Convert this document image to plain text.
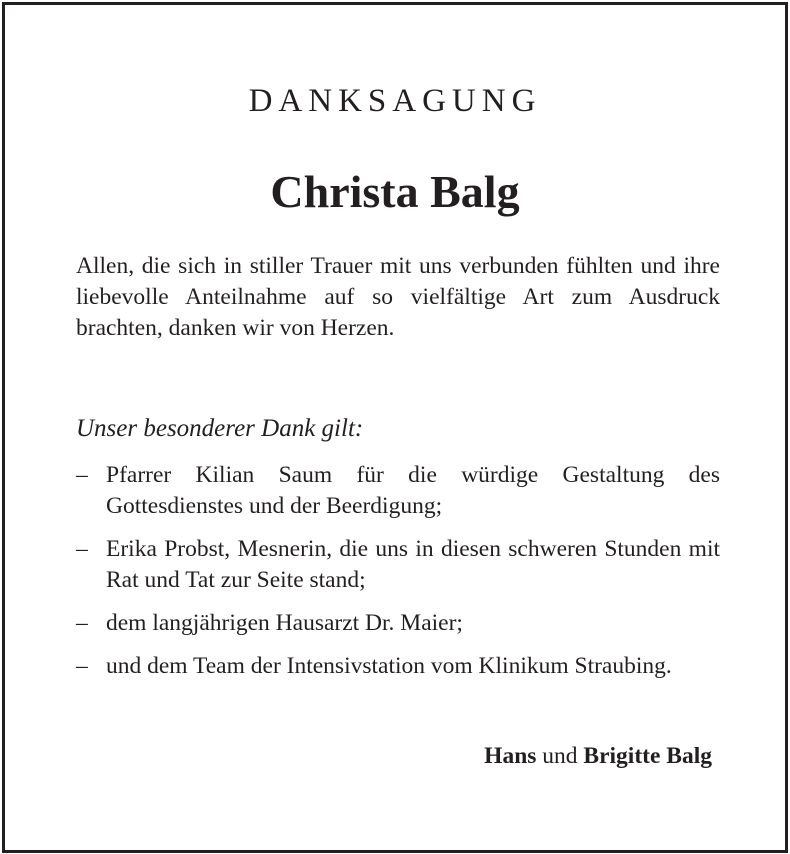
DANKSAGUNG
Christa Balg
Allen, die sich in stiller Trauer mit uns verbunden fühlten und ihre liebevolle Anteilnahme auf so vielfältige Art zum Ausdruck brachten, danken wir von Herzen.
Unser besonderer Dank gilt:
– Pfarrer Kilian Saum für die würdige Gestaltung des Gottesdienstes und der Beerdigung;
– Erika Probst, Mesnerin, die uns in diesen schweren Stunden mit Rat und Tat zur Seite stand;
– dem langjährigen Hausarzt Dr. Maier;
– und dem Team der Intensivstation vom Klinikum Straubing.
Hans und Brigitte Balg
